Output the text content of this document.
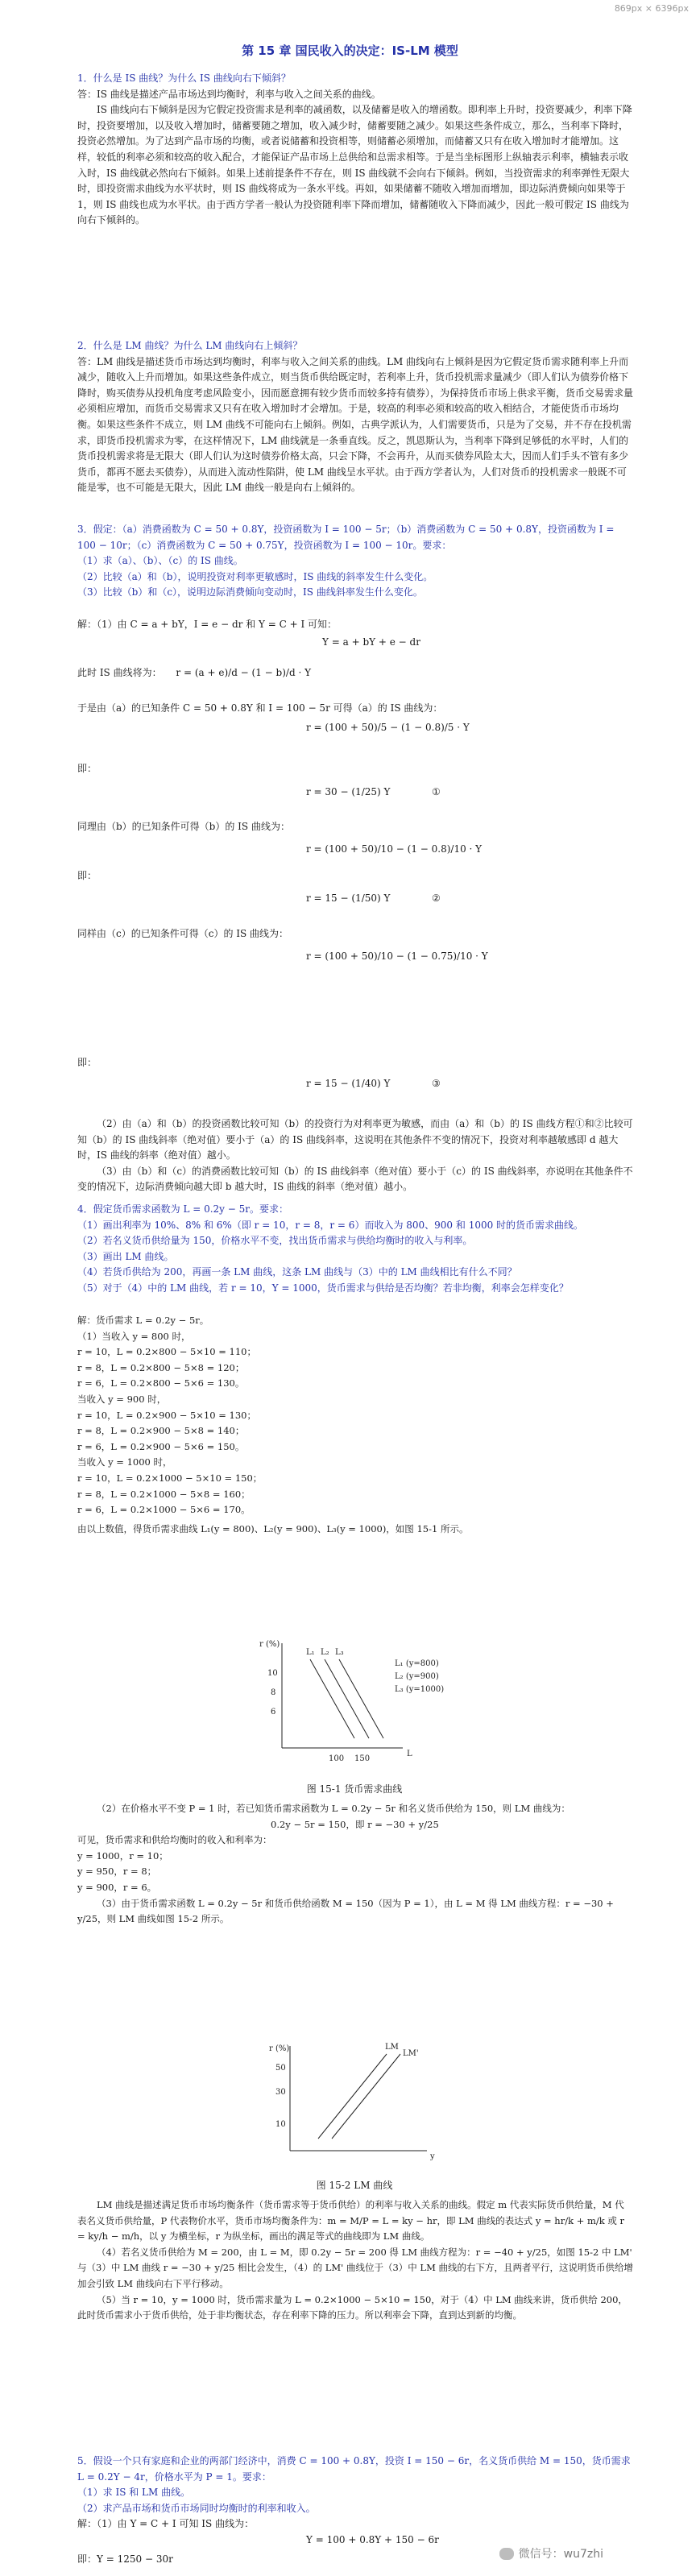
869px × 6396px
第 15 章 国民收入的决定：IS-LM 模型

1．什么是 IS 曲线？为什么 IS 曲线向右下倾斜？

答：IS 曲线是描述产品市场达到均衡时，利率与收入之间关系的曲线。

IS 曲线向右下倾斜是因为它假定投资需求是利率的减函数，以及储蓄是收入的增函数。即利率上升时，投资要减少，利率下降时，投资要增加，以及收入增加时，储蓄要随之增加，收入减少时，储蓄要随之减少。如果这些条件成立，那么，当利率下降时，投资必然增加。为了达到产品市场的均衡，或者说储蓄和投资相等，则储蓄必须增加，而储蓄又只有在收入增加时才能增加。这样，较低的利率必须和较高的收入配合，才能保证产品市场上总供给和总需求相等。于是当坐标图形上纵轴表示利率，横轴表示收入时，IS 曲线就必然向右下倾斜。如果上述前提条件不存在，则 IS 曲线就不会向右下倾斜。例如，当投资需求的利率弹性无限大时，即投资需求曲线为水平状时，则 IS 曲线将成为一条水平线。再如，如果储蓄不随收入增加而增加，即边际消费倾向如果等于 1，则 IS 曲线也成为水平状。由于西方学者一般认为投资随利率下降而增加，储蓄随收入下降而减少，因此一般可假定 IS 曲线为向右下倾斜的。

2．什么是 LM 曲线？为什么 LM 曲线向右上倾斜？

答：LM 曲线是描述货币市场达到均衡时，利率与收入之间关系的曲线。LM 曲线向右上倾斜是因为它假定货币需求随利率上升而减少，随收入上升而增加。如果这些条件成立，则当货币供给既定时，若利率上升，货币投机需求量减少（即人们认为债券价格下降时，购买债券从投机角度考虑风险变小，因而愿意拥有较少货币而较多持有债券），为保持货币市场上供求平衡，货币交易需求量必须相应增加，而货币交易需求又只有在收入增加时才会增加。于是，较高的利率必须和较高的收入相结合，才能使货币市场均衡。如果这些条件不成立，则 LM 曲线不可能向右上倾斜。例如，古典学派认为，人们需要货币，只是为了交易，并不存在投机需求，即货币投机需求为零，在这样情况下，LM 曲线就是一条垂直线。反之，凯恩斯认为，当利率下降到足够低的水平时，人们的货币投机需求将是无限大（即人们认为这时债券价格太高，只会下降，不会再升，从而买债券风险太大，因而人们手头不管有多少货币，都再不愿去买债券），从而进入流动性陷阱，使 LM 曲线呈水平状。由于西方学者认为，人们对货币的投机需求一般既不可能是零，也不可能是无限大，因此 LM 曲线一般是向右上倾斜的。

3．假定：（a）消费函数为 C = 50 + 0.8Y，投资函数为 I = 100 − 5r；（b）消费函数为 C = 50 + 0.8Y，投资函数为 I = 100 − 10r；（c）消费函数为 C = 50 + 0.75Y，投资函数为 I = 100 − 10r。要求：

（1）求（a）、（b）、（c）的 IS 曲线。

（2）比较（a）和（b），说明投资对利率更敏感时，IS 曲线的斜率发生什么变化。

（3）比较（b）和（c），说明边际消费倾向变动时，IS 曲线斜率发生什么变化。

解：（1）由 C = a + bY，I = e − dr 和 Y = C + I 可知：

Y = a + bY + e − dr
此时 IS 曲线将为： r = (a + e)/d − (1 − b)/d · Y

于是由（a）的已知条件 C = 50 + 0.8Y 和 I = 100 − 5r 可得（a）的 IS 曲线为：

r = (100 + 50)/5 − (1 − 0.8)/5 · Y
即：
r = 30 − (1/25) Y	①
同理由（b）的已知条件可得（b）的 IS 曲线为：
r = (100 + 50)/10 − (1 − 0.8)/10 · Y
即：
r = 15 − (1/50) Y	②
同样由（c）的已知条件可得（c）的 IS 曲线为：
r = (100 + 50)/10 − (1 − 0.75)/10 · Y
即：
r = 15 − (1/40) Y	③

（2）由（a）和（b）的投资函数比较可知（b）的投资行为对利率更为敏感，而由（a）和（b）的 IS 曲线方程①和②比较可知（b）的 IS 曲线斜率（绝对值）要小于（a）的 IS 曲线斜率，这说明在其他条件不变的情况下，投资对利率越敏感即 d 越大时，IS 曲线的斜率（绝对值）越小。

（3）由（b）和（c）的消费函数比较可知（b）的 IS 曲线斜率（绝对值）要小于（c）的 IS 曲线斜率，亦说明在其他条件不变的情况下，边际消费倾向越大即 b 越大时，IS 曲线的斜率（绝对值）越小。

4．假定货币需求函数为 L = 0.2y − 5r。要求：

（1）画出利率为 10%、8% 和 6%（即 r = 10，r = 8，r = 6）而收入为 800、900 和 1000 时的货币需求曲线。

（2）若名义货币供给量为 150，价格水平不变，找出货币需求与供给均衡时的收入与利率。

（3）画出 LM 曲线。

（4）若货币供给为 200，再画一条 LM 曲线，这条 LM 曲线与（3）中的 LM 曲线相比有什么不同？

（5）对于（4）中的 LM 曲线，若 r = 10，Y = 1000，货币需求与供给是否均衡？若非均衡，利率会怎样变化？

解：货币需求 L = 0.2y − 5r。

（1）当收入 y = 800 时，

r = 10，L = 0.2×800 − 5×10 = 110；

r = 8，L = 0.2×800 − 5×8 = 120；

r = 6，L = 0.2×800 − 5×6 = 130。

当收入 y = 900 时，

r = 10，L = 0.2×900 − 5×10 = 130；

r = 8，L = 0.2×900 − 5×8 = 140；

r = 6，L = 0.2×900 − 5×6 = 150。

当收入 y = 1000 时，

r = 10，L = 0.2×1000 − 5×10 = 150；

r = 8，L = 0.2×1000 − 5×8 = 160；

r = 6，L = 0.2×1000 − 5×6 = 170。

由以上数值，得货币需求曲线 L₁(y = 800)、L₂(y = 900)、L₃(y = 1000)，如图 15-1 所示。

r (%)
10
8
6
L
100 150
L₁ L₂ L₃
L₁ (y=800)
L₂ (y=900)
L₃ (y=1000)
图 15-1 货币需求曲线

（2）在价格水平不变 P = 1 时，若已知货币需求函数为 L = 0.2y − 5r 和名义货币供给为 150，则 LM 曲线为：

0.2y − 5r = 150，即 r = −30 + y/25

可见，货币需求和供给均衡时的收入和利率为：

y = 1000，r = 10；

y = 950，r = 8；

y = 900，r = 6。

（3）由于货币需求函数 L = 0.2y − 5r 和货币供给函数 M = 150（因为 P = 1），由 L = M 得 LM 曲线方程：r = −30 + y/25，则 LM 曲线如图 15-2 所示。

r (%)
50
30
10
y
LM
LM'
图 15-2 LM 曲线

LM 曲线是描述满足货币市场均衡条件（货币需求等于货币供给）的利率与收入关系的曲线。假定 m 代表实际货币供给量，M 代表名义货币供给量，P 代表物价水平，货币市场均衡条件为：m = M/P = L = ky − hr，即 LM 曲线的表达式 y = hr/k + m/k 或 r = ky/h − m/h，以 y 为横坐标，r 为纵坐标，画出的满足等式的曲线即为 LM 曲线。

（4）若名义货币供给为 M = 200，由 L = M，即 0.2y − 5r = 200 得 LM 曲线方程为：r = −40 + y/25，如图 15-2 中 LM' 与（3）中 LM 曲线 r = −30 + y/25 相比会发生，（4）的 LM' 曲线位于（3）中 LM 曲线的右下方，且两者平行，这说明货币供给增加会引致 LM 曲线向右下平行移动。

（5）当 r = 10，y = 1000 时，货币需求量为 L = 0.2×1000 − 5×10 = 150，对于（4）中 LM 曲线来讲，货币供给 200，此时货币需求小于货币供给，处于非均衡状态，存在利率下降的压力。所以利率会下降，直到达到新的均衡。

5．假设一个只有家庭和企业的两部门经济中，消费 C = 100 + 0.8Y，投资 I = 150 − 6r，名义货币供给 M = 150，货币需求 L = 0.2Y − 4r，价格水平为 P = 1。要求：

（1）求 IS 和 LM 曲线。

（2）求产品市场和货币市场同时均衡时的利率和收入。

解：（1）由 Y = C + I 可知 IS 曲线为：

Y = 100 + 0.8Y + 150 − 6r
即：Y = 1250 − 30r	微信号：wu7zhi
